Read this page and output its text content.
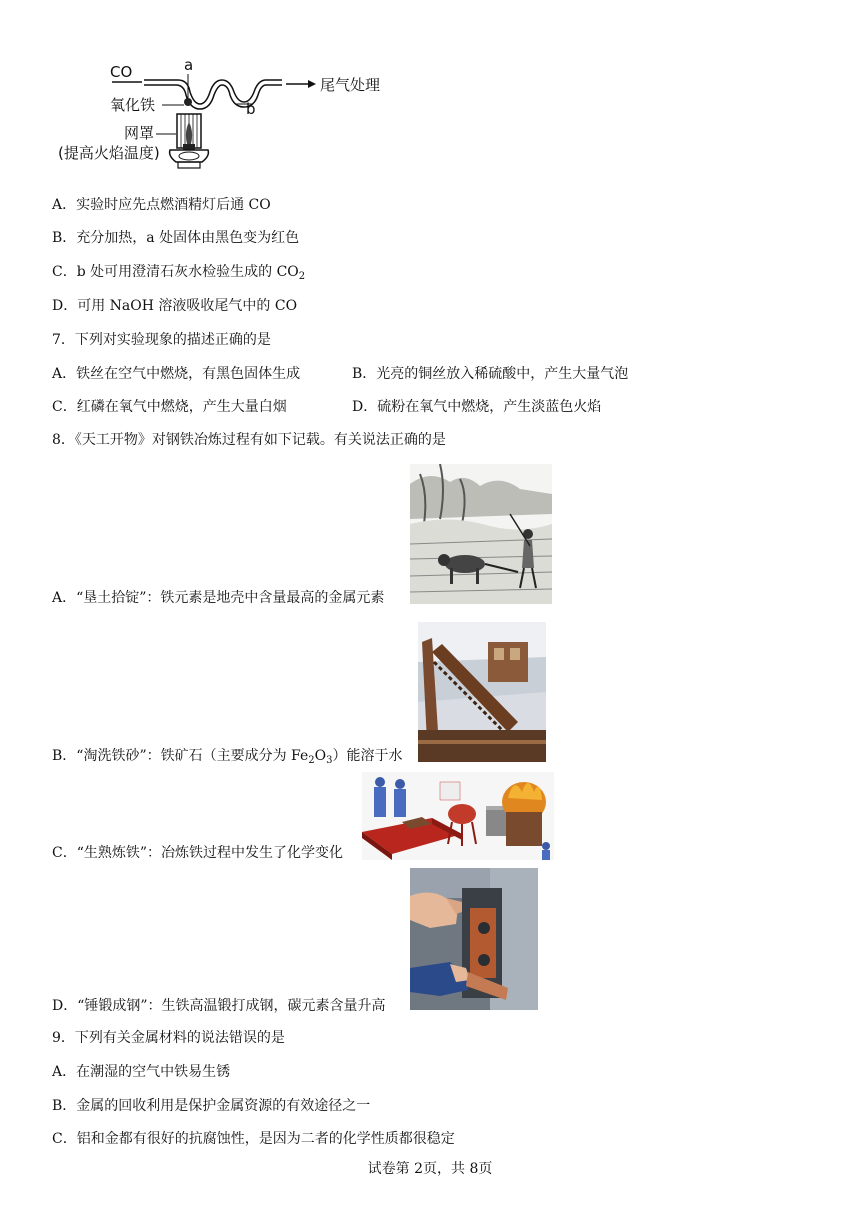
CO	a
b
尾气处理
氧化铁
网罩
(提高火焰温度)
A．实验时应先点燃酒精灯后通 CO
B．充分加热，a 处固体由黑色变为红色
C．b 处可用澄清石灰水检验生成的 $CO_2$
D．可用 NaOH 溶液吸收尾气中的 CO
7．下列对实验现象的描述正确的是
A．铁丝在空气中燃烧，有黑色固体生成	B．光亮的铜丝放入稀硫酸中，产生大量气泡
C．红磷在氧气中燃烧，产生大量白烟	D．硫粉在氧气中燃烧，产生淡蓝色火焰
8．《天工开物》对钢铁冶炼过程有如下记载。有关说法正确的是
A．“垦土拾锭”：铁元素是地壳中含量最高的金属元素
B．“淘洗铁砂”：铁矿石（主要成分为 $Fe_2O_3$）能溶于水
C．“生熟炼铁”：冶炼铁过程中发生了化学变化
D．“锤锻成钢”：生铁高温锻打成钢，碳元素含量升高
9．下列有关金属材料的说法错误的是
A．在潮湿的空气中铁易生锈
B．金属的回收利用是保护金属资源的有效途径之一
C．铝和金都有很好的抗腐蚀性，是因为二者的化学性质都很稳定
试卷第 2页，共 8页
